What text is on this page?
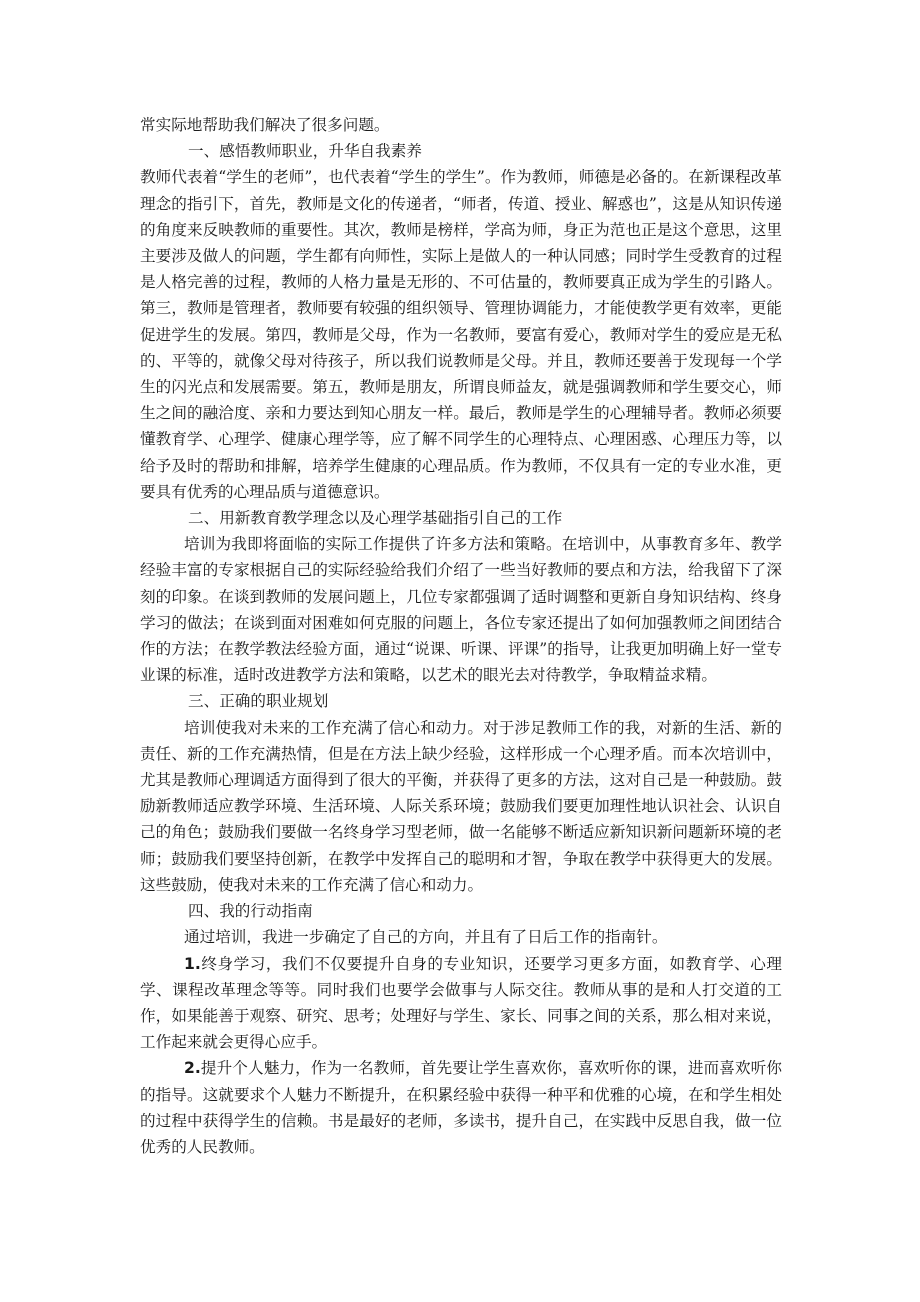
常实际地帮助我们解决了很多问题。

一、感悟教师职业，升华自我素养

教师代表着“学生的老师”，也代表着“学生的学生”。作为教师，师德是必备的。在新课程改革理念的指引下，首先，教师是文化的传递者，“师者，传道、授业、解惑也”，这是从知识传递的角度来反映教师的重要性。其次，教师是榜样，学高为师，身正为范也正是这个意思，这里主要涉及做人的问题，学生都有向师性，实际上是做人的一种认同感；同时学生受教育的过程是人格完善的过程，教师的人格力量是无形的、不可估量的，教师要真正成为学生的引路人。第三，教师是管理者，教师要有较强的组织领导、管理协调能力，才能使教学更有效率，更能促进学生的发展。第四，教师是父母，作为一名教师，要富有爱心，教师对学生的爱应是无私的、平等的，就像父母对待孩子，所以我们说教师是父母。并且，教师还要善于发现每一个学生的闪光点和发展需要。第五，教师是朋友，所谓良师益友，就是强调教师和学生要交心，师生之间的融洽度、亲和力要达到知心朋友一样。最后，教师是学生的心理辅导者。教师必须要懂教育学、心理学、健康心理学等，应了解不同学生的心理特点、心理困惑、心理压力等，以给予及时的帮助和排解，培养学生健康的心理品质。作为教师，不仅具有一定的专业水准，更要具有优秀的心理品质与道德意识。

二、用新教育教学理念以及心理学基础指引自己的工作

培训为我即将面临的实际工作提供了许多方法和策略。在培训中，从事教育多年、教学经验丰富的专家根据自己的实际经验给我们介绍了一些当好教师的要点和方法，给我留下了深刻的印象。在谈到教师的发展问题上，几位专家都强调了适时调整和更新自身知识结构、终身学习的做法；在谈到面对困难如何克服的问题上，各位专家还提出了如何加强教师之间团结合作的方法；在教学教法经验方面，通过“说课、听课、评课”的指导，让我更加明确上好一堂专业课的标准，适时改进教学方法和策略，以艺术的眼光去对待教学，争取精益求精。

三、正确的职业规划

培训使我对未来的工作充满了信心和动力。对于涉足教师工作的我，对新的生活、新的责任、新的工作充满热情，但是在方法上缺少经验，这样形成一个心理矛盾。而本次培训中，尤其是教师心理调适方面得到了很大的平衡，并获得了更多的方法，这对自己是一种鼓励。鼓励新教师适应教学环境、生活环境、人际关系环境；鼓励我们要更加理性地认识社会、认识自己的角色；鼓励我们要做一名终身学习型老师，做一名能够不断适应新知识新问题新环境的老师；鼓励我们要坚持创新，在教学中发挥自己的聪明和才智，争取在教学中获得更大的发展。这些鼓励，使我对未来的工作充满了信心和动力。

四、我的行动指南

通过培训，我进一步确定了自己的方向，并且有了日后工作的指南针。

1.终身学习，我们不仅要提升自身的专业知识，还要学习更多方面，如教育学、心理学、课程改革理念等等。同时我们也要学会做事与人际交往。教师从事的是和人打交道的工作，如果能善于观察、研究、思考；处理好与学生、家长、同事之间的关系，那么相对来说，工作起来就会更得心应手。

2.提升个人魅力，作为一名教师，首先要让学生喜欢你，喜欢听你的课，进而喜欢听你的指导。这就要求个人魅力不断提升，在积累经验中获得一种平和优雅的心境，在和学生相处的过程中获得学生的信赖。书是最好的老师，多读书，提升自己，在实践中反思自我，做一位优秀的人民教师。
